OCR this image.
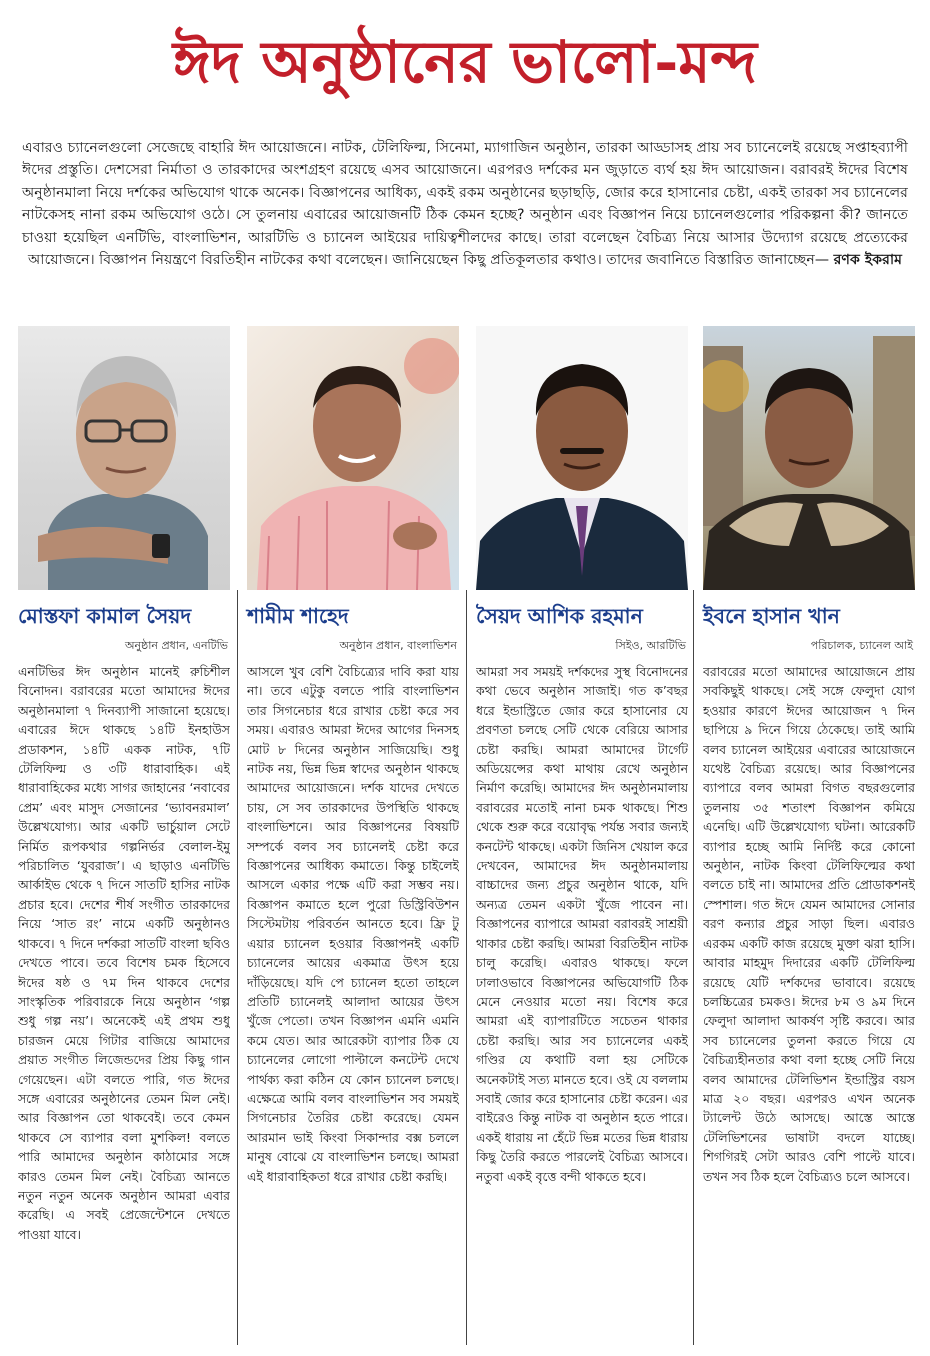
ঈদ অনুষ্ঠানের ভালো-মন্দ

এবারও চ্যানেলগুলো সেজেছে বাহারি ঈদ আয়োজনে। নাটক, টেলিফিল্ম, সিনেমা, ম্যাগাজিন অনুষ্ঠান, তারকা আড্ডাসহ প্রায় সব চ্যানেলেই রয়েছে সপ্তাহব্যাপী ঈদের প্রস্তুতি। দেশসেরা নির্মাতা ও তারকাদের অংশগ্রহণ রয়েছে এসব আয়োজনে। এরপরও দর্শকের মন জুড়াতে ব্যর্থ হয় ঈদ আয়োজন। বরাবরই ঈদের বিশেষ অনুষ্ঠানমালা নিয়ে দর্শকের অভিযোগ থাকে অনেক। বিজ্ঞাপনের আধিক্য, একই রকম অনুষ্ঠানের ছড়াছড়ি, জোর করে হাসানোর চেষ্টা, একই তারকা সব চ্যানেলের নাটকেসহ নানা রকম অভিযোগ ওঠে। সে তুলনায় এবারের আয়োজনটি ঠিক কেমন হচ্ছে? অনুষ্ঠান এবং বিজ্ঞাপন নিয়ে চ্যানেলগুলোর পরিকল্পনা কী? জানতে চাওয়া হয়েছিল এনটিভি, বাংলাভিশন, আরটিভি ও চ্যানেল আইয়ের দায়িত্বশীলদের কাছে। তারা বলেছেন বৈচিত্র্য নিয়ে আসার উদ্যোগ রয়েছে প্রত্যেকের আয়োজনে। বিজ্ঞাপন নিয়ন্ত্রণে বিরতিহীন নাটকের কথা বলেছেন। জানিয়েছেন কিছু প্রতিকূলতার কথাও। তাদের জবানিতে বিস্তারিত জানাচ্ছেন— রণক ইকরাম

মোস্তফা কামাল সৈয়দ
অনুষ্ঠান প্রধান, এনটিভি
এনটিভির ঈদ অনুষ্ঠান মানেই রুচিশীল বিনোদন। বরাবরের মতো আমাদের ঈদের অনুষ্ঠানমালা ৭ দিনব্যাপী সাজানো হয়েছে। এবারের ঈদে থাকছে ১৪টি ইনহাউস প্রডাকশন, ১৪টি একক নাটক, ৭টি টেলিফিল্ম ও ৩টি ধারাবাহিক। এই ধারাবাহিকের মধ্যে সাগর জাহানের ‘নবাবের প্রেম’ এবং মাসুদ সেজানের ‘ভ্যাবনরমাল’ উল্লেখযোগ্য। আর একটি ভার্চুয়াল সেটে নির্মিত রূপকথার গল্পনির্ভর বেলাল-ইমু পরিচালিত ‘যুবরাজ’। এ ছাড়াও এনটিভি আর্কাইভ থেকে ৭ দিনে সাতটি হাসির নাটক প্রচার হবে। দেশের শীর্ষ সংগীত তারকাদের নিয়ে ‘সাত রং’ নামে একটি অনুষ্ঠানও থাকবে। ৭ দিনে দর্শকরা সাতটি বাংলা ছবিও দেখতে পাবে। তবে বিশেষ চমক হিসেবে ঈদের ষষ্ঠ ও ৭ম দিন থাকবে দেশের সাংস্কৃতিক পরিবারকে নিয়ে অনুষ্ঠান ‘গল্প শুধু গল্প নয়’। অনেকেই এই প্রথম শুধু চারজন মেয়ে গিটার বাজিয়ে আমাদের প্রয়াত সংগীত লিজেন্ডদের প্রিয় কিছু গান গেয়েছেন। এটা বলতে পারি, গত ঈদের সঙ্গে এবারের অনুষ্ঠানের তেমন মিল নেই। আর বিজ্ঞাপন তো থাকবেই। তবে কেমন থাকবে সে ব্যাপার বলা মুশকিল! বলতে পারি আমাদের অনুষ্ঠান কাঠামোর সঙ্গে কারও তেমন মিল নেই। বৈচিত্র্য আনতে নতুন নতুন অনেক অনুষ্ঠান আমরা এবার করেছি। এ সবই প্রেজেন্টেশনে দেখতে পাওয়া যাবে।
শামীম শাহেদ
অনুষ্ঠান প্রধান, বাংলাভিশন
আসলে খুব বেশি বৈচিত্র্যের দাবি করা যায় না। তবে এটুকু বলতে পারি বাংলাভিশন তার সিগনেচার ধরে রাখার চেষ্টা করে সব সময়। এবারও আমরা ঈদের আগের দিনসহ মোট ৮ দিনের অনুষ্ঠান সাজিয়েছি। শুধু নাটক নয়, ভিন্ন ভিন্ন স্বাদের অনুষ্ঠান থাকছে আমাদের আয়োজনে। দর্শক যাদের দেখতে চায়, সে সব তারকাদের উপস্থিতি থাকছে বাংলাভিশনে। আর বিজ্ঞাপনের বিষয়টি সম্পর্কে বলব সব চ্যানেলই চেষ্টা করে বিজ্ঞাপনের আধিক্য কমাতে। কিন্তু চাইলেই আসলে একার পক্ষে এটি করা সম্ভব নয়। বিজ্ঞাপন কমাতে হলে পুরো ডিস্ট্রিবিউশন সিস্টেমটায় পরিবর্তন আনতে হবে। ফ্রি টু এয়ার চ্যানেল হওয়ার বিজ্ঞাপনই একটি চ্যানেলের আয়ের একমাত্র উৎস হয়ে দাঁড়িয়েছে। যদি পে চ্যানেল হতো তাহলে প্রতিটি চ্যানেলই আলাদা আয়ের উৎস খুঁজে পেতো। তখন বিজ্ঞাপন এমনি এমনি কমে যেত। আর আরেকটা ব্যাপার ঠিক যে চ্যানেলের লোগো পাল্টালে কনটেন্ট দেখে পার্থক্য করা কঠিন যে কোন চ্যানেল চলছে। এক্ষেত্রে আমি বলব বাংলাভিশন সব সময়ই সিগনেচার তৈরির চেষ্টা করেছে। যেমন আরমান ভাই কিংবা সিকান্দার বক্স চললে মানুষ বোঝে যে বাংলাভিশন চলছে। আমরা এই ধারাবাহিকতা ধরে রাখার চেষ্টা করছি।
সৈয়দ আশিক রহমান
সিইও, আরটিভি
আমরা সব সময়ই দর্শকদের সুস্থ বিনোদনের কথা ভেবে অনুষ্ঠান সাজাই। গত ক’বছর ধরে ইন্ডাস্ট্রিতে জোর করে হাসানোর যে প্রবণতা চলছে সেটি থেকে বেরিয়ে আসার চেষ্টা করছি। আমরা আমাদের টার্গেট অডিয়েন্সের কথা মাথায় রেখে অনুষ্ঠান নির্মাণ করেছি। আমাদের ঈদ অনুষ্ঠানমালায় বরাবরের মতোই নানা চমক থাকছে। শিশু থেকে শুরু করে বয়োবৃদ্ধ পর্যন্ত সবার জন্যই কনটেন্ট থাকছে। একটা জিনিস খেয়াল করে দেখবেন, আমাদের ঈদ অনুষ্ঠানমালায় বাচ্চাদের জন্য প্রচুর অনুষ্ঠান থাকে, যদি অন্যত্র তেমন একটা খুঁজে পাবেন না। বিজ্ঞাপনের ব্যাপারে আমরা বরাবরই সাশ্রয়ী থাকার চেষ্টা করছি। আমরা বিরতিহীন নাটক চালু করেছি। এবারও থাকছে। ফলে ঢালাওভাবে বিজ্ঞাপনের অভিযোগটি ঠিক মেনে নেওয়ার মতো নয়। বিশেষ করে আমরা এই ব্যাপারটিতে সচেতন থাকার চেষ্টা করছি। আর সব চ্যানেলের একই গণ্ডির যে কথাটি বলা হয় সেটিকে অনেকটাই সত্য মানতে হবে। ওই যে বললাম সবাই জোর করে হাসানোর চেষ্টা করেন। এর বাইরেও কিন্তু নাটক বা অনুষ্ঠান হতে পারে। একই ধারায় না হেঁটে ভিন্ন মতের ভিন্ন ধারায় কিছু তৈরি করতে পারলেই বৈচিত্র্য আসবে। নতুবা একই বৃত্তে বন্দী থাকতে হবে।
ইবনে হাসান খান
পরিচালক, চ্যানেল আই
বরাবরের মতো আমাদের আয়োজনে প্রায় সবকিছুই থাকছে। সেই সঙ্গে ফেলুদা যোগ হওয়ার কারণে ঈদের আয়োজন ৭ দিন ছাপিয়ে ৯ দিনে গিয়ে ঠেকেছে। তাই আমি বলব চ্যানেল আইয়ের এবারের আয়োজনে যথেষ্ট বৈচিত্র্য রয়েছে। আর বিজ্ঞাপনের ব্যাপারে বলব আমরা বিগত বছরগুলোর তুলনায় ৩৫ শতাংশ বিজ্ঞাপন কমিয়ে এনেছি। এটি উল্লেখযোগ্য ঘটনা। আরেকটি ব্যাপার হচ্ছে আমি নির্দিষ্ট করে কোনো অনুষ্ঠান, নাটক কিংবা টেলিফিল্মের কথা বলতে চাই না। আমাদের প্রতি প্রোডাকশনই স্পেশাল। গত ঈদে যেমন আমাদের সোনার বরণ কন্যার প্রচুর সাড়া ছিল। এবারও এরকম একটি কাজ রয়েছে মুক্তা ঝরা হাসি। আবার মাহমুদ দিদারের একটি টেলিফিল্ম রয়েছে যেটি দর্শকদের ভাবাবে। রয়েছে চলচ্চিত্রের চমকও। ঈদের ৮ম ও ৯ম দিনে ফেলুদা আলাদা আকর্ষণ সৃষ্টি করবে। আর সব চ্যানেলের তুলনা করতে গিয়ে যে বৈচিত্র্যহীনতার কথা বলা হচ্ছে সেটি নিয়ে বলব আমাদের টেলিভিশন ইন্ডাস্ট্রির বয়স মাত্র ২০ বছর। এরপরও এখন অনেক ট্যালেন্ট উঠে আসছে। আস্তে আস্তে টেলিভিশনের ভাষাটা বদলে যাচ্ছে। শিগগিরই সেটা আরও বেশি পাল্টে যাবে। তখন সব ঠিক হলে বৈচিত্র্যও চলে আসবে।
